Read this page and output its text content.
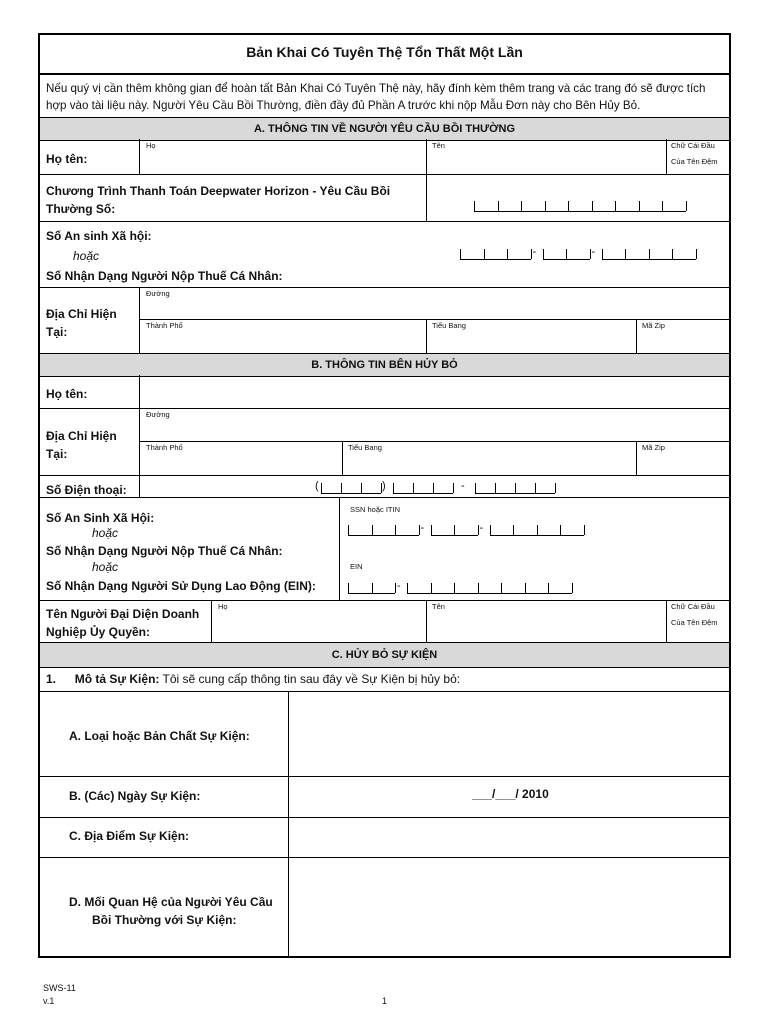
Bản Khai Có Tuyên Thệ Tổn Thất Một Lần
Nếu quý vị cần thêm không gian để hoàn tất Bản Khai Có Tuyên Thệ này, hãy đính kèm thêm trang và các trang đó sẽ được tích hợp vào tài liệu này. Người Yêu Cầu Bồi Thường, điền đầy đủ Phần A trước khi nộp Mẫu Đơn này cho Bên Hủy Bỏ.
A. THÔNG TIN VỀ NGƯỜI YÊU CẦU BỒI THƯỜNG
Họ tên:
Họ	Tên	Chữ Cái Đầu
Của Tên Đệm
Chương Trình Thanh Toán Deepwater Horizon - Yêu Cầu Bồi Thường Số:
Số An sinh Xã hội:
hoặc
Số Nhận Dạng Người Nộp Thuế Cá Nhân:
-	-
Địa Chỉ Hiện Tại:
Đường
Thành Phố	Tiểu Bang	Mã Zip
B. THÔNG TIN BÊN HỦY BỎ
Họ tên:
Địa Chỉ Hiện Tại:
Đường
Thành Phố	Tiểu Bang	Mã Zip
Số Điện thoại:	(	)	-
Số An Sinh Xã Hội:
hoặc
Số Nhận Dạng Người Nộp Thuế Cá Nhân:
hoặc
Số Nhận Dạng Người Sử Dụng Lao Động (EIN):
SSN hoặc ITIN
-	-
EIN
-
Tên Người Đại Diện Doanh Nghiệp Ủy Quyền:
Họ	Tên	Chữ Cái Đầu
Của Tên Đệm
C. HỦY BỎ SỰ KIỆN
1. Mô tả Sự Kiện: Tôi sẽ cung cấp thông tin sau đây về Sự Kiện bị hủy bỏ:
A. Loại hoặc Bản Chất Sự Kiện:
B. (Các) Ngày Sự Kiện:	___/___/ 2010
C. Địa Điểm Sự Kiện:
D. Mối Quan Hệ của Người Yêu Cầu
Bồi Thường với Sự Kiện:
SWS-11
v.1	1
